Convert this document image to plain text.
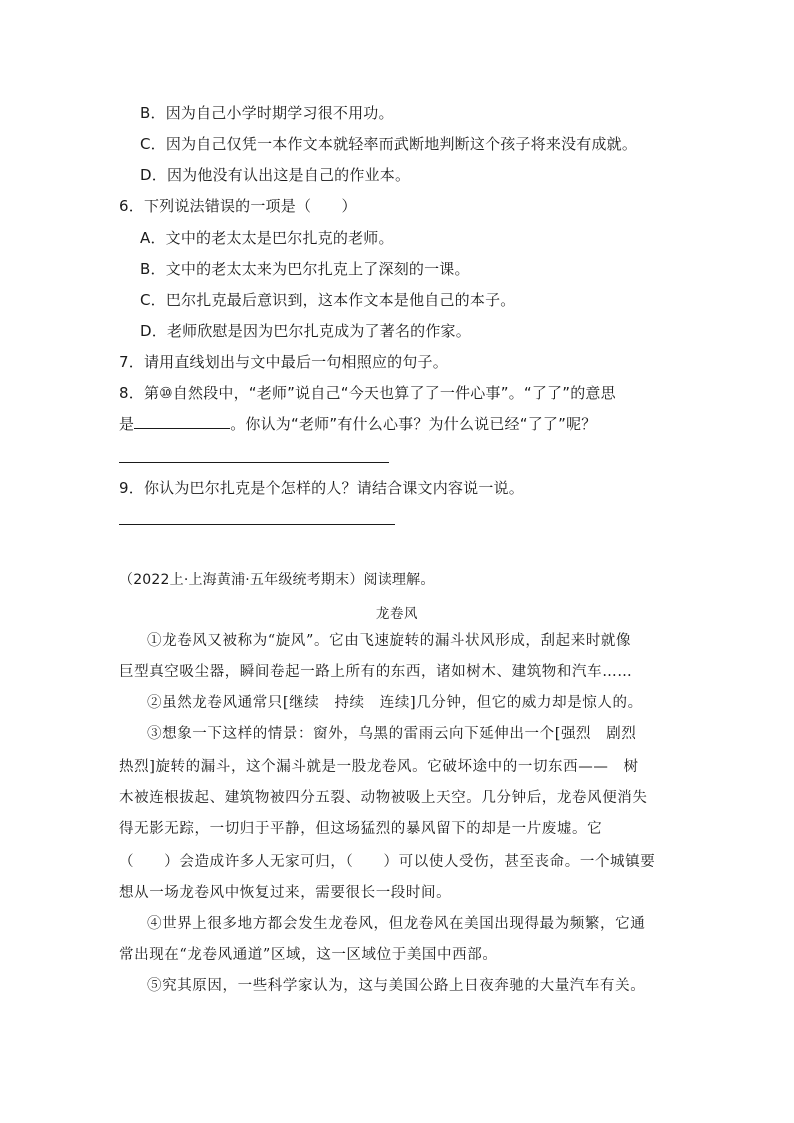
B．因为自己小学时期学习很不用功。
C．因为自己仅凭一本作文本就轻率而武断地判断这个孩子将来没有成就。
D．因为他没有认出这是自己的作业本。
6．下列说法错误的一项是（　　）
A．文中的老太太是巴尔扎克的老师。
B．文中的老太太来为巴尔扎克上了深刻的一课。
C．巴尔扎克最后意识到，这本作文本是他自己的本子。
D．老师欣慰是因为巴尔扎克成为了著名的作家。
7．请用直线划出与文中最后一句相照应的句子。
8．第⑩自然段中，“老师”说自己“今天也算了了一件心事”。“了了”的意思
是	。你认为“老师”有什么心事？为什么说已经“了了”呢？
9．你认为巴尔扎克是个怎样的人？请结合课文内容说一说。
（2022上·上海黄浦·五年级统考期末）阅读理解。
龙卷风
①龙卷风又被称为“旋风”。它由飞速旋转的漏斗状风形成，刮起来时就像
巨型真空吸尘器，瞬间卷起一路上所有的东西，诸如树木、建筑物和汽车……
②虽然龙卷风通常只[继续　持续　连续]几分钟，但它的威力却是惊人的。
③想象一下这样的情景：窗外，乌黑的雷雨云向下延伸出一个[强烈　剧烈
热烈]旋转的漏斗，这个漏斗就是一股龙卷风。它破坏途中的一切东西——　树
木被连根拔起、建筑物被四分五裂、动物被吸上天空。几分钟后，龙卷风便消失
得无影无踪，一切归于平静，但这场猛烈的暴风留下的却是一片废墟。它
（　　）会造成许多人无家可归，（　　）可以使人受伤，甚至丧命。一个城镇要
想从一场龙卷风中恢复过来，需要很长一段时间。
④世界上很多地方都会发生龙卷风，但龙卷风在美国出现得最为频繁，它通
常出现在“龙卷风通道”区域，这一区域位于美国中西部。
⑤究其原因，一些科学家认为，这与美国公路上日夜奔驰的大量汽车有关。
